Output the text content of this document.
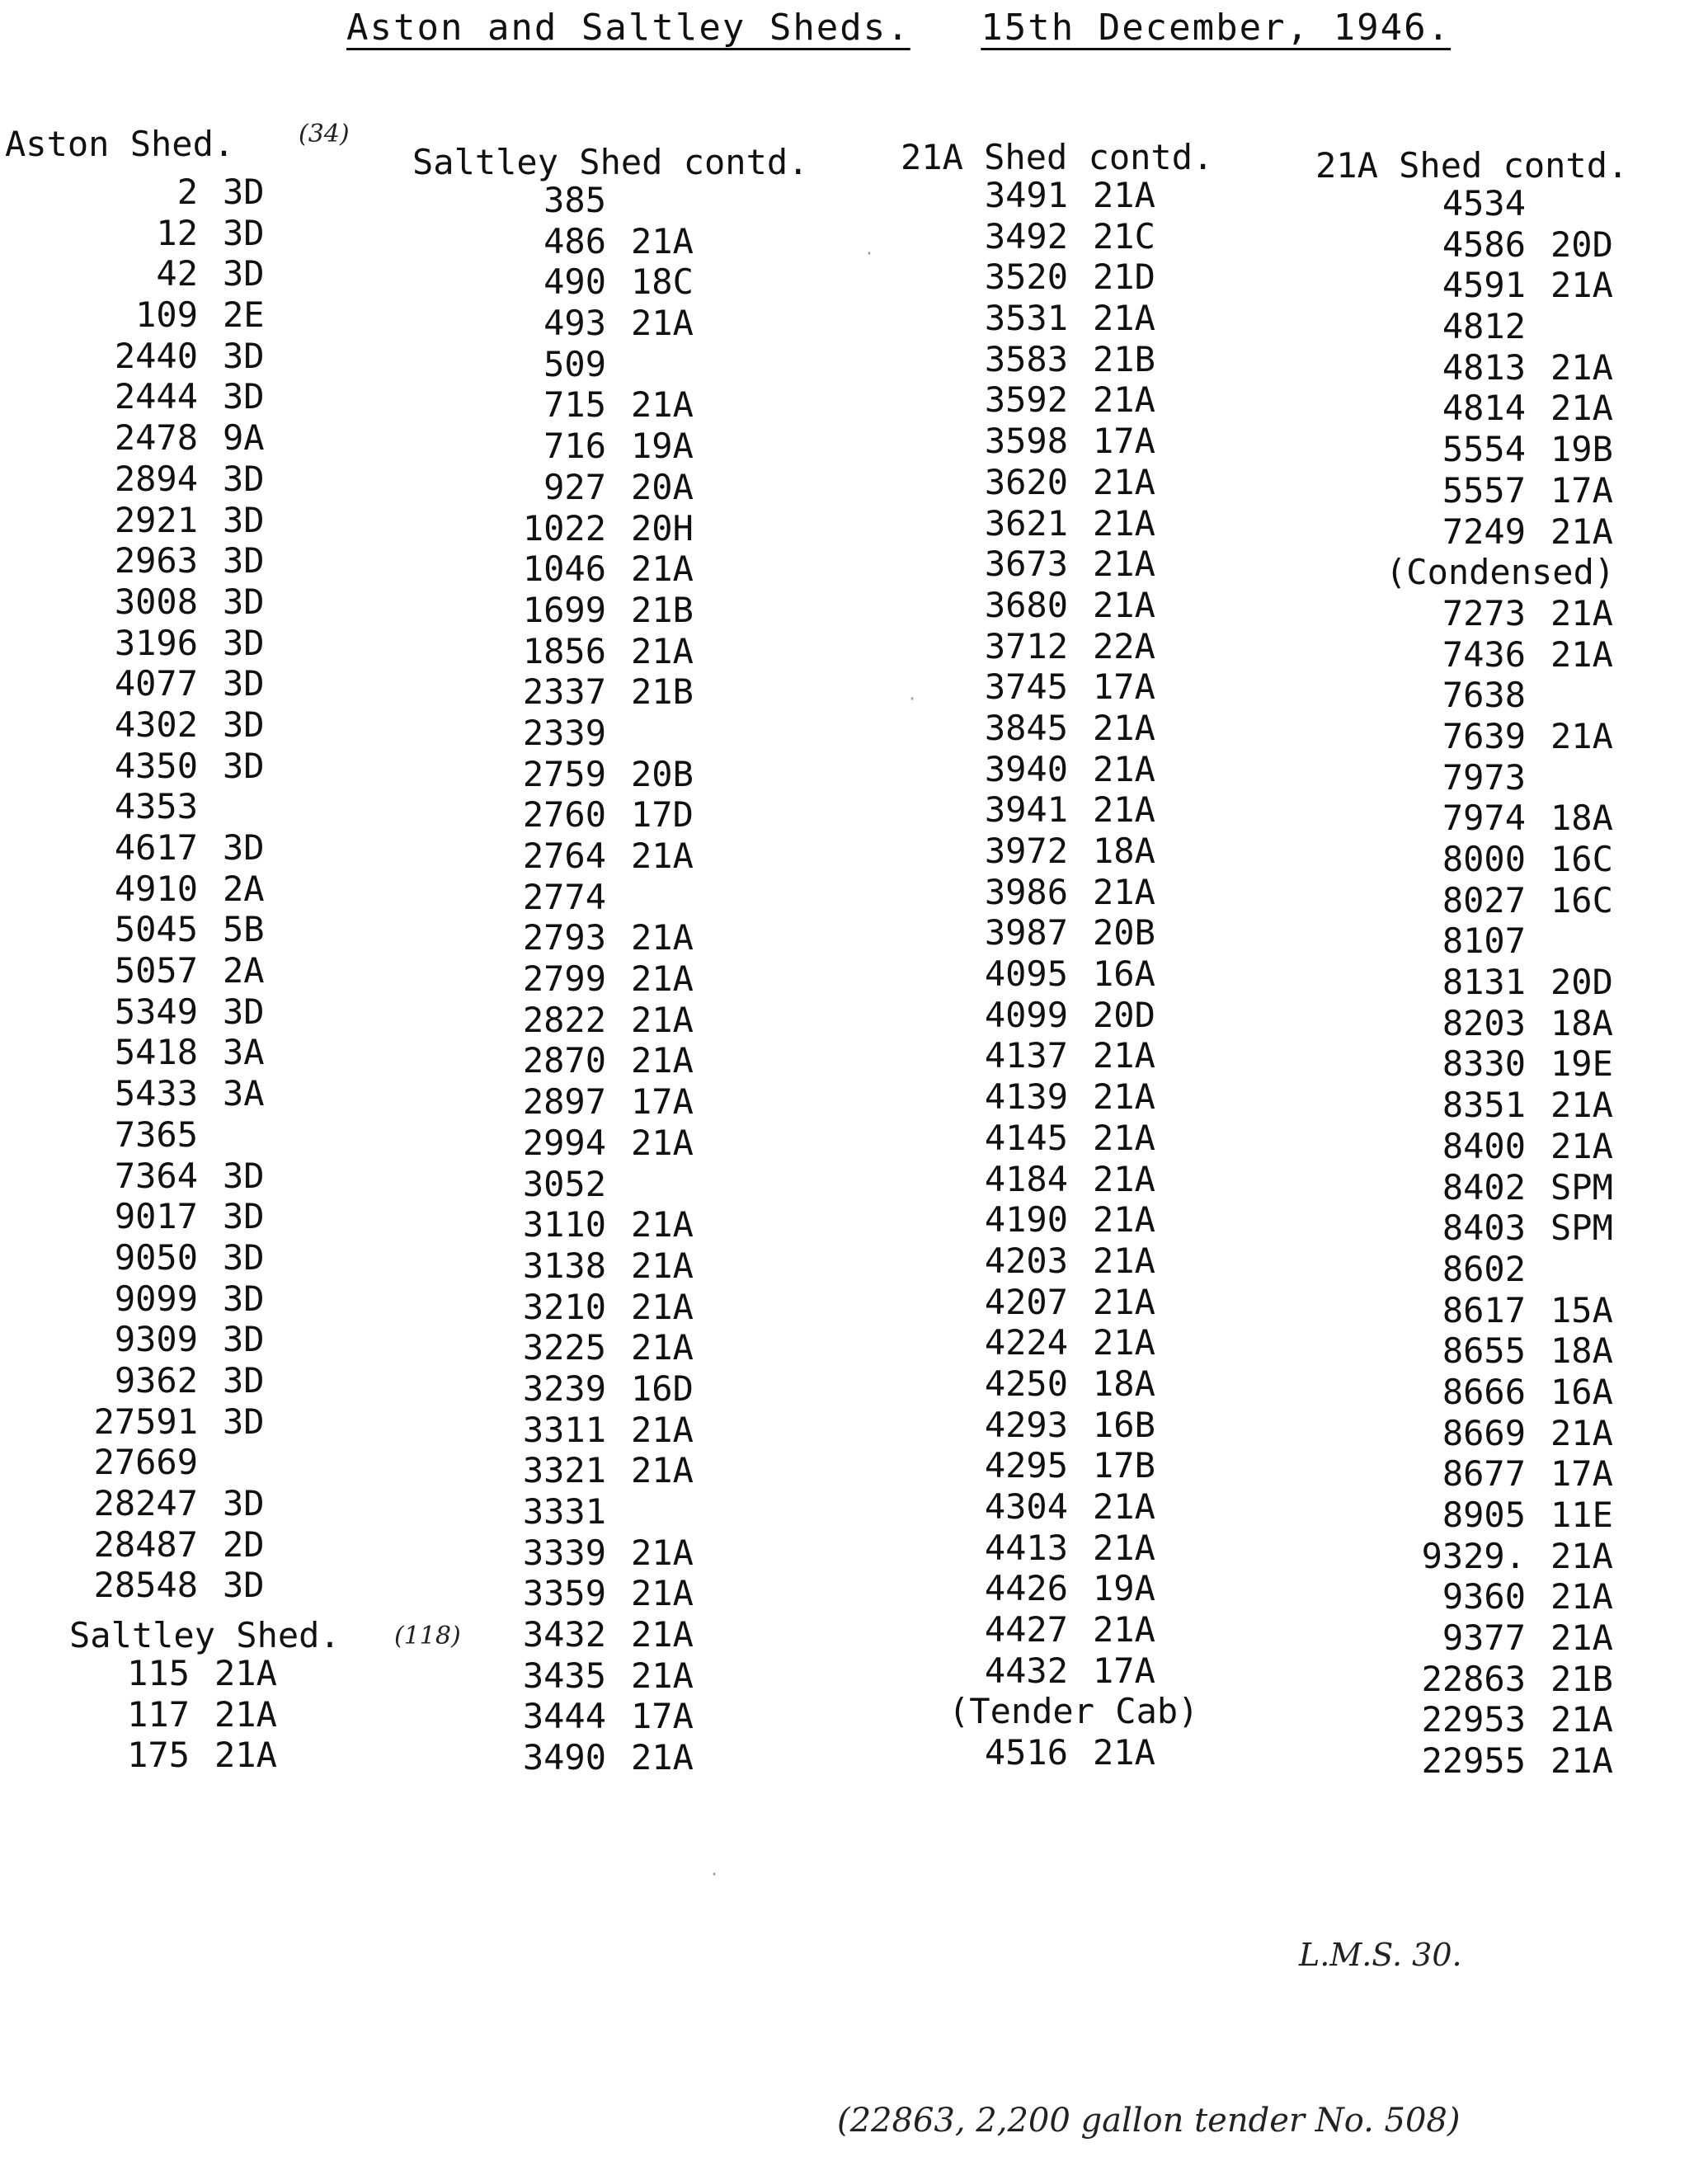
Aston and Saltley Sheds. 15th December, 1946.
Aston Shed.	(34)
Saltley Shed contd.	21A Shed contd.	21A Shed contd.
2 3D
12 3D
42 3D
109 2E
2440 3D
2444 3D
2478 9A
2894 3D
2921 3D
2963 3D
3008 3D
3196 3D
4077 3D
4302 3D
4350 3D
4353
4617 3D
4910 2A
5045 5B
5057 2A
5349 3D
5418 3A
5433 3A
7365
7364 3D
9017 3D
9050 3D
9099 3D
9309 3D
9362 3D
27591 3D
27669
28247 3D
28487 2D
28548 3D
Saltley Shed. (118)
115 21A
117 21A
175 21A
385
486 21A
490 18C
493 21A
509
715 21A
716 19A
927 20A
1022 20H
1046 21A
1699 21B
1856 21A
2337 21B
2339
2759 20B
2760 17D
2764 21A
2774
2793 21A
2799 21A
2822 21A
2870 21A
2897 17A
2994 21A
3052
3110 21A
3138 21A
3210 21A
3225 21A
3239 16D
3311 21A
3321 21A
3331
3339 21A
3359 21A
3432 21A
3435 21A
3444 17A
3490 21A
3491 21A
3492 21C
3520 21D
3531 21A
3583 21B
3592 21A
3598 17A
3620 21A
3621 21A
3673 21A
3680 21A
3712 22A
3745 17A
3845 21A
3940 21A
3941 21A
3972 18A
3986 21A
3987 20B
4095 16A
4099 20D
4137 21A
4139 21A
4145 21A
4184 21A
4190 21A
4203 21A
4207 21A
4224 21A
4250 18A
4293 16B
4295 17B
4304 21A
4413 21A
4426 19A
4427 21A
4432 17A
(Tender Cab)
4516 21A
4534
4586 20D
4591 21A
4812
4813 21A
4814 21A
5554 19B
5557 17A
7249 21A
(Condensed)
7273 21A
7436 21A
7638
7639 21A
7973
7974 18A
8000 16C
8027 16C
8107
8131 20D
8203 18A
8330 19E
8351 21A
8400 21A
8402 SPM
8403 SPM
8602
8617 15A
8655 18A
8666 16A
8669 21A
8677 17A
8905 11E
9329. 21A
9360 21A
9377 21A
22863 21B
22953 21A
22955 21A
L.M.S. 30.
(22863, 2,200 gallon tender No. 508)
·
·
·
